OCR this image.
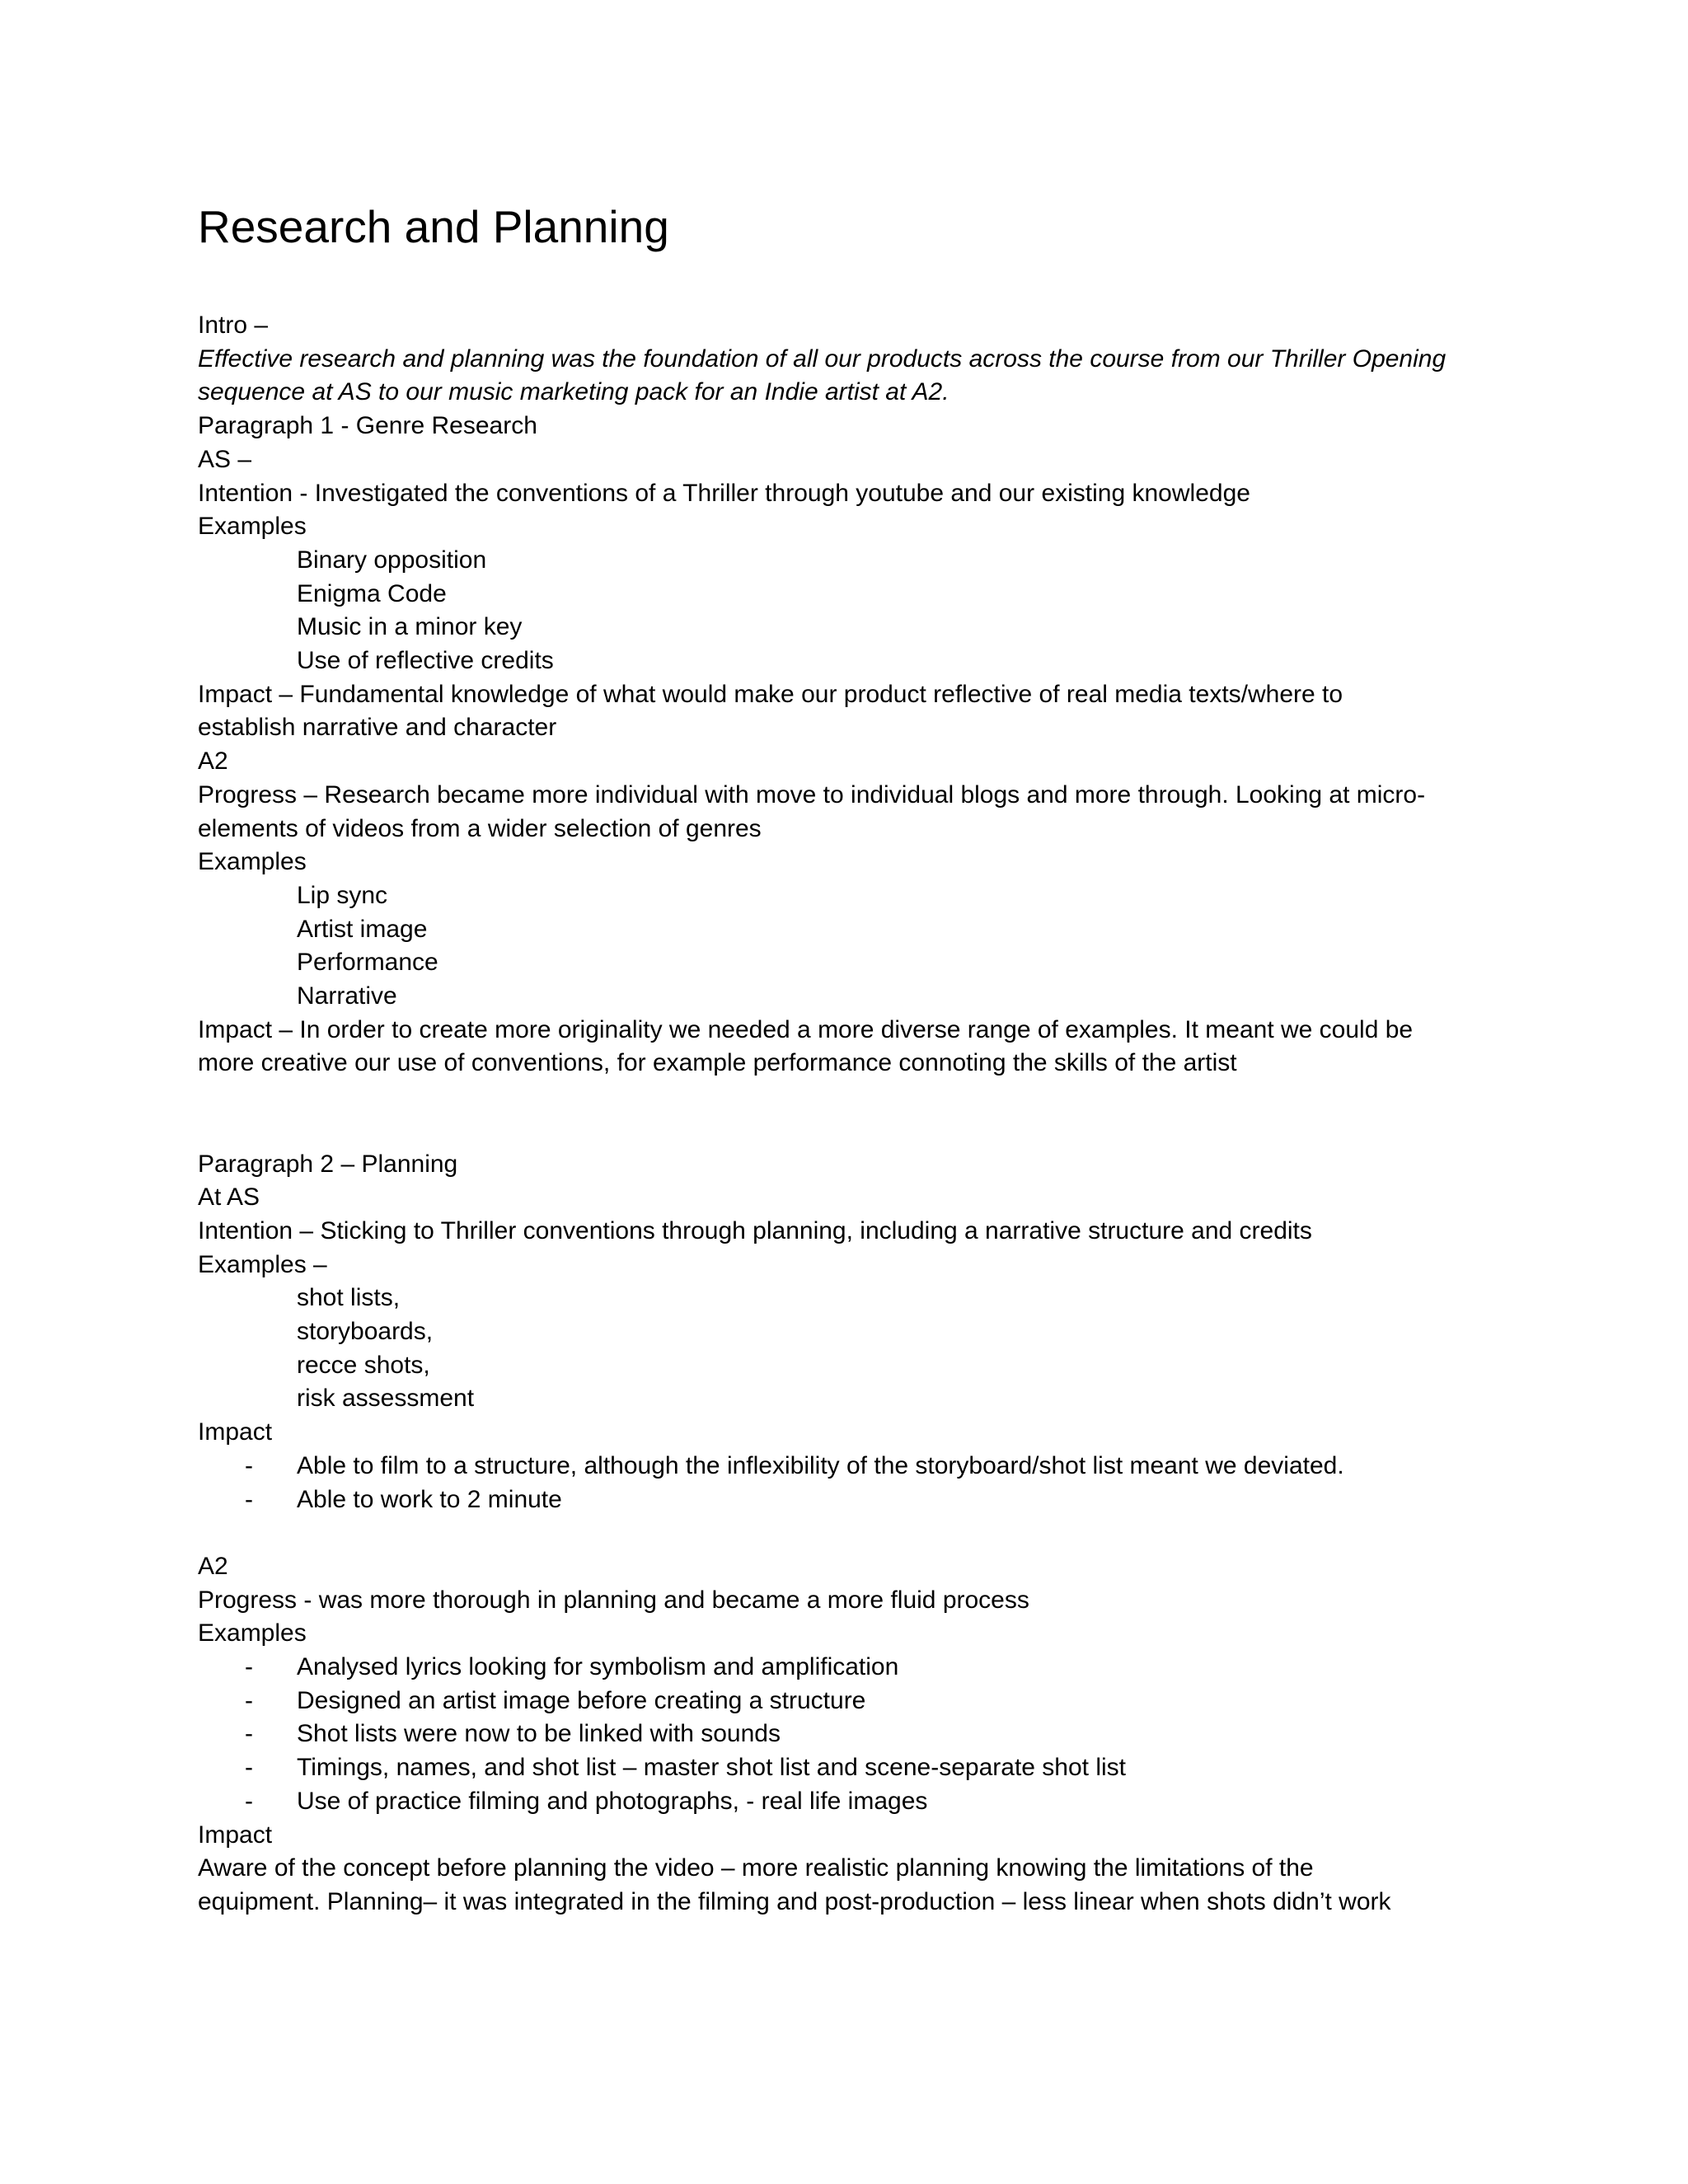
Research and Planning

Intro –

Effective research and planning was the foundation of all our products across the course from our Thriller Opening

sequence at AS to our music marketing pack for an Indie artist at A2.

Paragraph 1 - Genre Research

AS –

Intention - Investigated the conventions of a Thriller through youtube and our existing knowledge

Examples

Binary opposition

Enigma Code

Music in a minor key

Use of reflective credits

Impact – Fundamental knowledge of what would make our product reflective of real media texts/where to

establish narrative and character

A2

Progress – Research became more individual with move to individual blogs and more through. Looking at micro-

elements of videos from a wider selection of genres

Examples

Lip sync

Artist image

Performance

Narrative

Impact – In order to create more originality we needed a more diverse range of examples. It meant we could be

more creative our use of conventions, for example performance connoting the skills of the artist

Paragraph 2 – Planning

At AS

Intention – Sticking to Thriller conventions through planning, including a narrative structure and credits

Examples –

shot lists,

storyboards,

recce shots,

risk assessment

Impact

-	Able to film to a structure, although the inflexibility of the storyboard/shot list meant we deviated.
-	Able to work to 2 minute

A2

Progress - was more thorough in planning and became a more fluid process

Examples

-	Analysed lyrics looking for symbolism and amplification
-	Designed an artist image before creating a structure
-	Shot lists were now to be linked with sounds
-	Timings, names, and shot list – master shot list and scene-separate shot list
-	Use of practice filming and photographs, - real life images

Impact

Aware of the concept before planning the video – more realistic planning knowing the limitations of the

equipment. Planning– it was integrated in the filming and post-production – less linear when shots didn’t work
